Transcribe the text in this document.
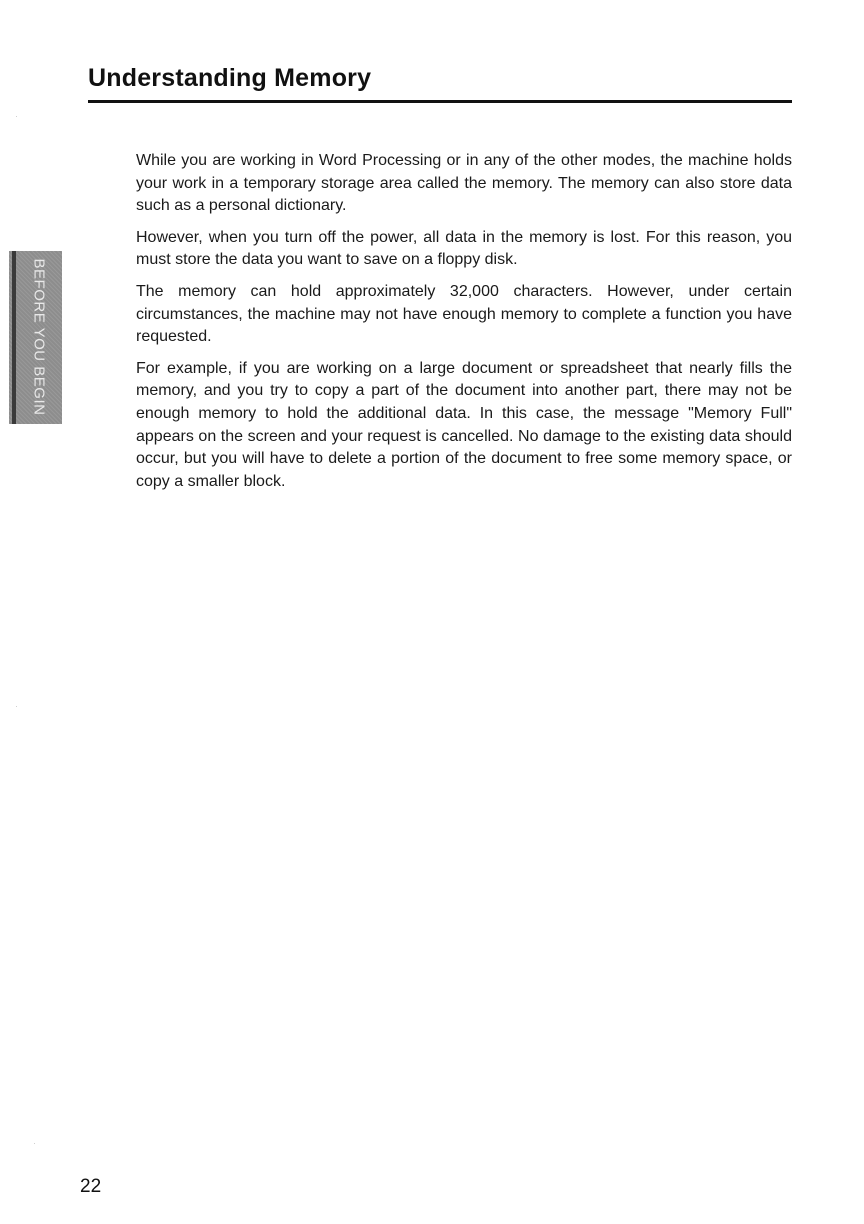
Understanding Memory
BEFORE YOU BEGIN

While you are working in Word Processing or in any of the other modes, the machine holds your work in a temporary storage area called the memory. The memory can also store data such as a personal dictionary.

However, when you turn off the power, all data in the memory is lost. For this reason, you must store the data you want to save on a floppy disk.

The memory can hold approximately 32,000 characters. However, under certain circumstances, the machine may not have enough memory to complete a function you have requested.

For example, if you are working on a large document or spreadsheet that nearly fills the memory, and you try to copy a part of the document into another part, there may not be enough memory to hold the additional data. In this case, the message "Memory Full" appears on the screen and your request is cancelled. No damage to the existing data should occur, but you will have to delete a portion of the document to free some memory space, or copy a smaller block.

22
